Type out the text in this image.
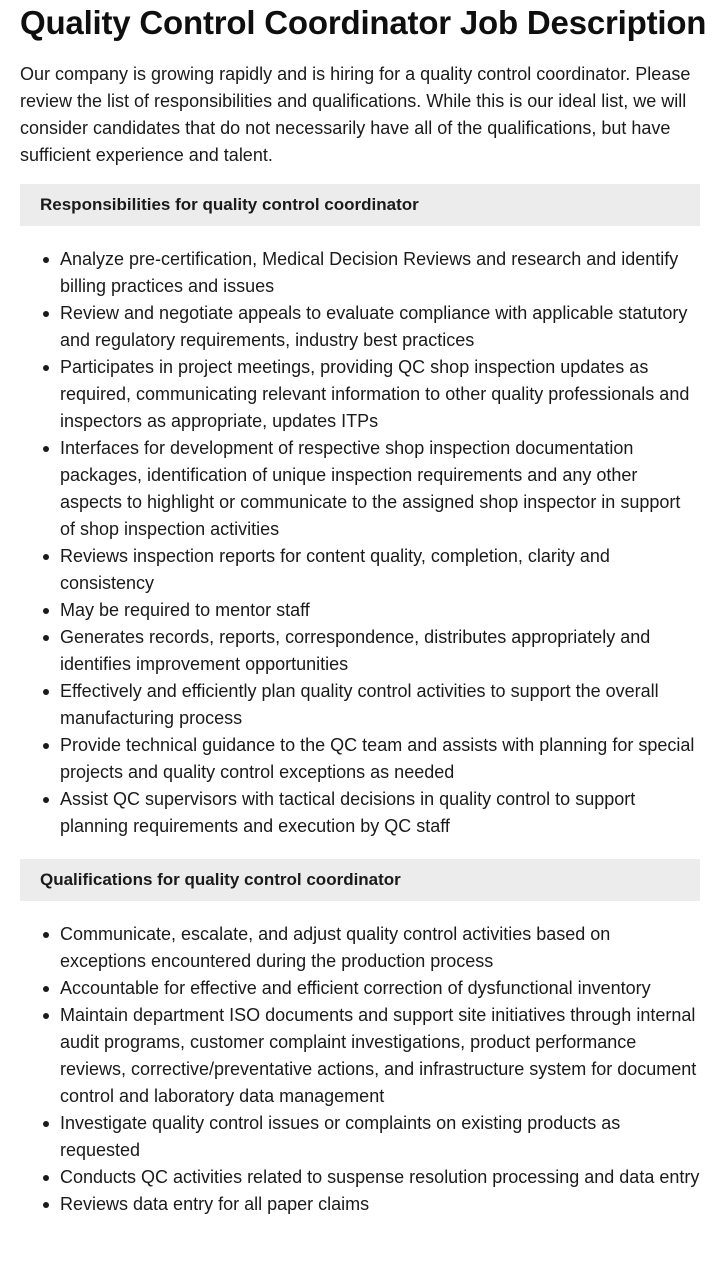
Quality Control Coordinator Job Description

Our company is growing rapidly and is hiring for a quality control coordinator. Please review the list of responsibilities and qualifications. While this is our ideal list, we will consider candidates that do not necessarily have all of the qualifications, but have sufficient experience and talent.

Responsibilities for quality control coordinator
Analyze pre-certification, Medical Decision Reviews and research and identify billing practices and issues
Review and negotiate appeals to evaluate compliance with applicable statutory and regulatory requirements, industry best practices
Participates in project meetings, providing QC shop inspection updates as required, communicating relevant information to other quality professionals and inspectors as appropriate, updates ITPs
Interfaces for development of respective shop inspection documentation packages, identification of unique inspection requirements and any other aspects to highlight or communicate to the assigned shop inspector in support of shop inspection activities
Reviews inspection reports for content quality, completion, clarity and consistency
May be required to mentor staff
Generates records, reports, correspondence, distributes appropriately and identifies improvement opportunities
Effectively and efficiently plan quality control activities to support the overall manufacturing process
Provide technical guidance to the QC team and assists with planning for special projects and quality control exceptions as needed
Assist QC supervisors with tactical decisions in quality control to support planning requirements and execution by QC staff
Qualifications for quality control coordinator
Communicate, escalate, and adjust quality control activities based on exceptions encountered during the production process
Accountable for effective and efficient correction of dysfunctional inventory
Maintain department ISO documents and support site initiatives through internal audit programs, customer complaint investigations, product performance reviews, corrective/preventative actions, and infrastructure system for document control and laboratory data management
Investigate quality control issues or complaints on existing products as requested
Conducts QC activities related to suspense resolution processing and data entry
Reviews data entry for all paper claims
